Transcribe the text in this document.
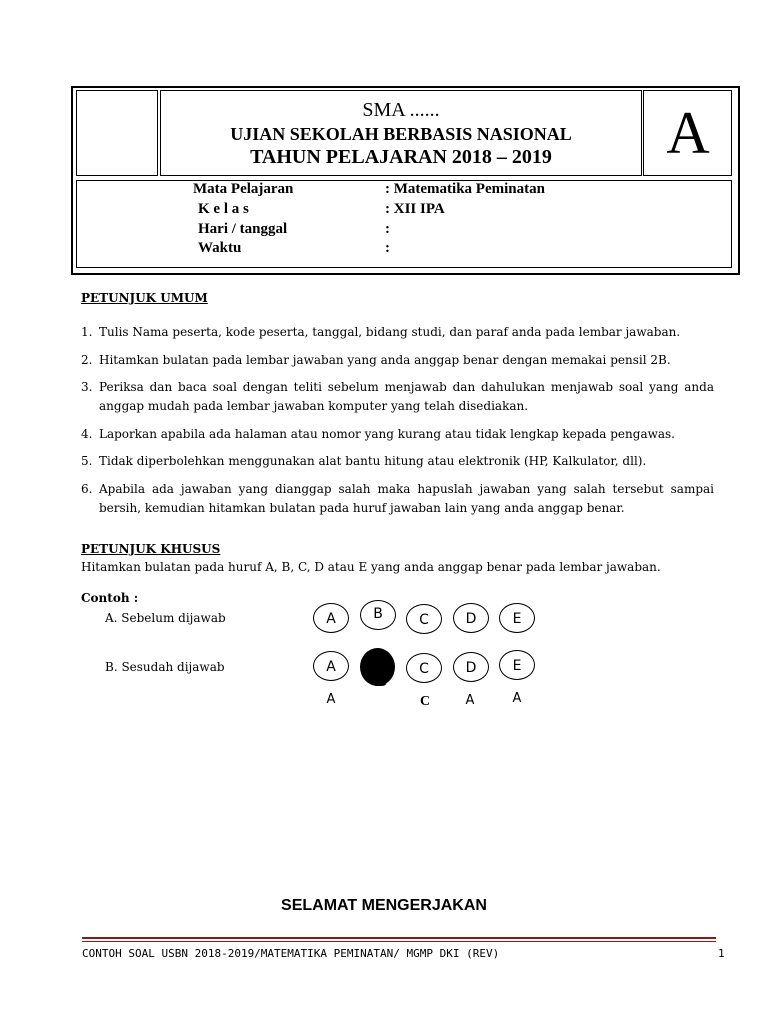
SMA ......
UJIAN SEKOLAH BERBASIS NASIONAL
TAHUN PELAJARAN 2018 – 2019	A
Mata Pelajaran	: Matematika Peminatan
K e l a s	: XII IPA
Hari / tanggal	:
Waktu	:
PETUNJUK UMUM
1. Tulis Nama peserta, kode peserta, tanggal, bidang studi, dan paraf anda pada lembar jawaban.
2. Hitamkan bulatan pada lembar jawaban yang anda anggap benar dengan memakai pensil 2B.
3. Periksa dan baca soal dengan teliti sebelum menjawab dan dahulukan menjawab soal yang anda anggap mudah pada lembar jawaban komputer yang telah disediakan.
4. Laporkan apabila ada halaman atau nomor yang kurang atau tidak lengkap kepada pengawas.
5. Tidak diperbolehkan menggunakan alat bantu hitung atau elektronik (HP, Kalkulator, dll).
6. Apabila ada jawaban yang dianggap salah maka hapuslah jawaban yang salah tersebut sampai bersih, kemudian hitamkan bulatan pada huruf jawaban lain yang anda anggap benar.
PETUNJUK KHUSUS
Hitamkan bulatan pada huruf A, B, C, D atau E yang anda anggap benar pada lembar jawaban.
Contoh :
A. Sebelum dijawab
B. Sesudah dijawab
A	B	C	D	E
A	C	D	E
A
B
C	A	A
SELAMAT MENGERJAKAN
CONTOH SOAL USBN 2018-2019/MATEMATIKA PEMINATAN/ MGMP DKI (REV)	1
